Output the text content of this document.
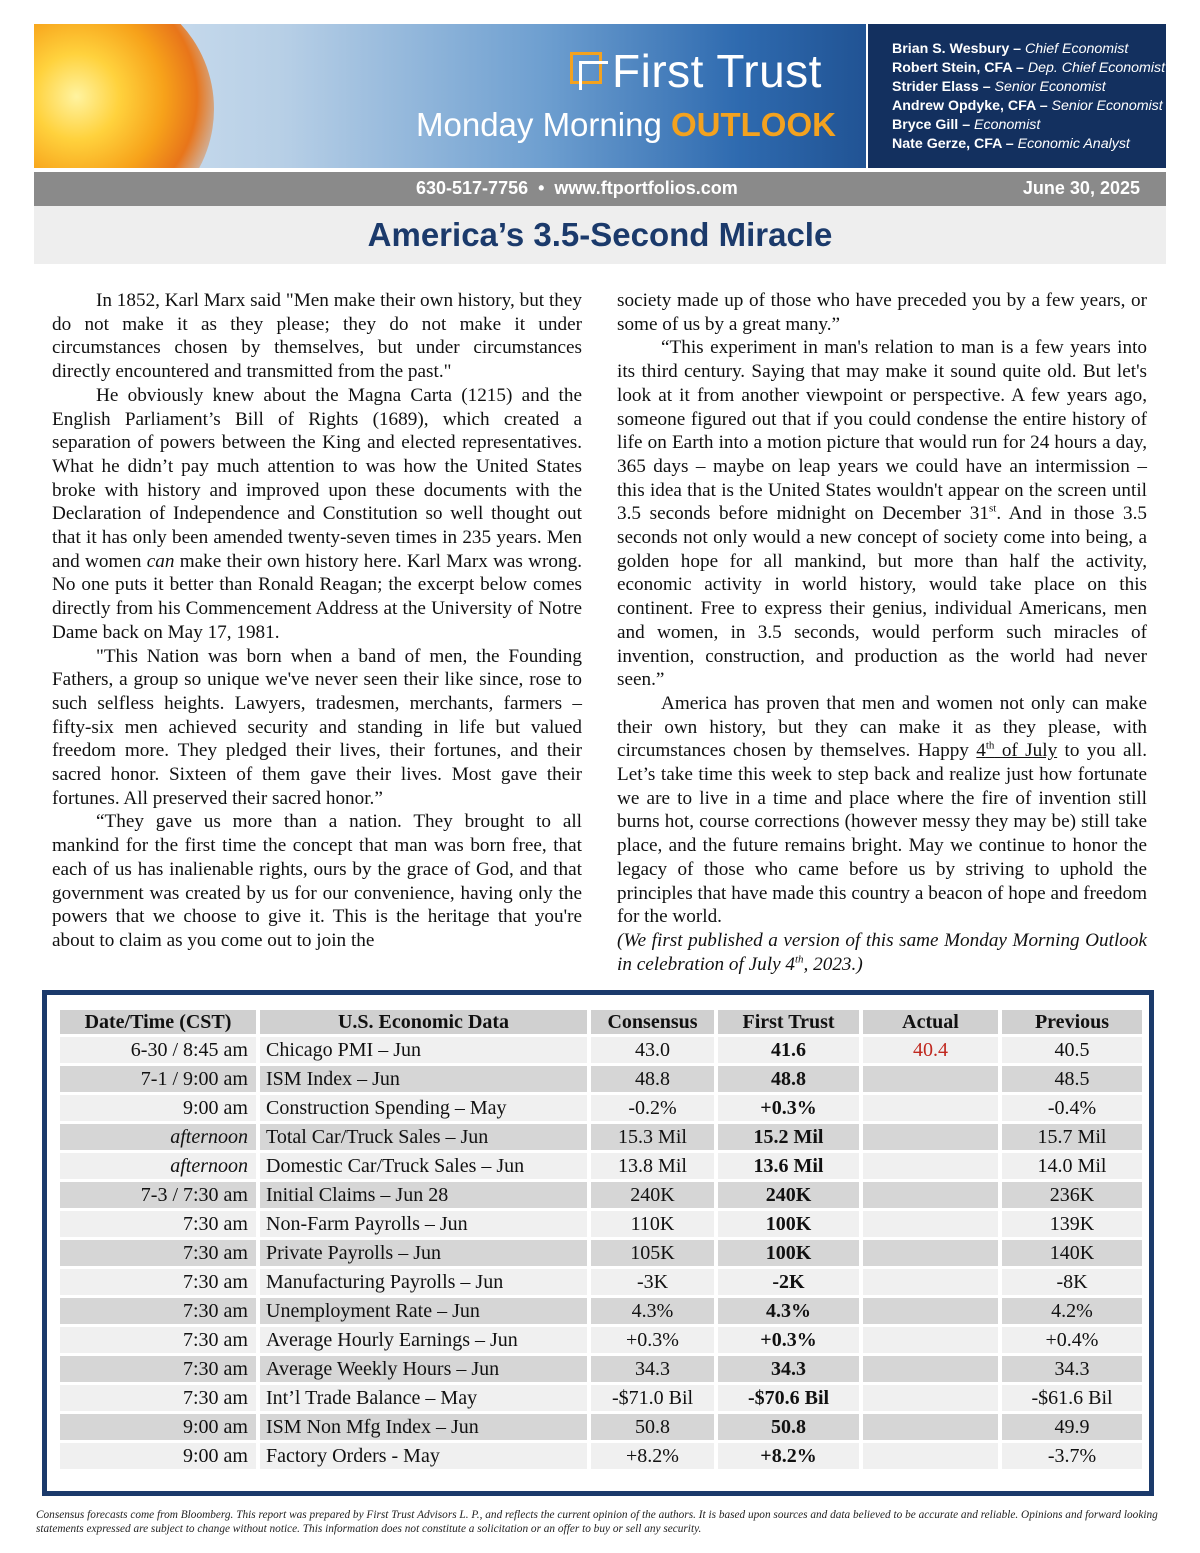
First Trust
Monday Morning OUTLOOK
Brian S. Wesbury – Chief Economist
Robert Stein, CFA – Dep. Chief Economist
Strider Elass – Senior Economist
Andrew Opdyke, CFA – Senior Economist
Bryce Gill – Economist
Nate Gerze, CFA – Economic Analyst
630-517-7756  •  www.ftportfolios.com	June 30, 2025
America’s 3.5-Second Miracle

In 1852, Karl Marx said "Men make their own history, but they do not make it as they please; they do not make it under circumstances chosen by themselves, but under circumstances directly encountered and transmitted from the past."

He obviously knew about the Magna Carta (1215) and the English Parliament’s Bill of Rights (1689), which created a separation of powers between the King and elected representatives. What he didn’t pay much attention to was how the United States broke with history and improved upon these documents with the Declaration of Independence and Constitution so well thought out that it has only been amended twenty-seven times in 235 years. Men and women can make their own history here. Karl Marx was wrong. No one puts it better than Ronald Reagan; the excerpt below comes directly from his Commencement Address at the University of Notre Dame back on May 17, 1981.

"This Nation was born when a band of men, the Founding Fathers, a group so unique we've never seen their like since, rose to such selfless heights. Lawyers, tradesmen, merchants, farmers – fifty-six men achieved security and standing in life but valued freedom more. They pledged their lives, their fortunes, and their sacred honor. Sixteen of them gave their lives. Most gave their fortunes. All preserved their sacred honor.”

“They gave us more than a nation. They brought to all mankind for the first time the concept that man was born free, that each of us has inalienable rights, ours by the grace of God, and that government was created by us for our convenience, having only the powers that we choose to give it. This is the heritage that you're about to claim as you come out to join the

society made up of those who have preceded you by a few years, or some of us by a great many.”

“This experiment in man's relation to man is a few years into its third century. Saying that may make it sound quite old. But let's look at it from another viewpoint or perspective. A few years ago, someone figured out that if you could condense the entire history of life on Earth into a motion picture that would run for 24 hours a day, 365 days – maybe on leap years we could have an intermission – this idea that is the United States wouldn't appear on the screen until 3.5 seconds before midnight on December 31st. And in those 3.5 seconds not only would a new concept of society come into being, a golden hope for all mankind, but more than half the activity, economic activity in world history, would take place on this continent. Free to express their genius, individual Americans, men and women, in 3.5 seconds, would perform such miracles of invention, construction, and production as the world had never seen.”

America has proven that men and women not only can make their own history, but they can make it as they please, with circumstances chosen by themselves. Happy 4th of July to you all. Let’s take time this week to step back and realize just how fortunate we are to live in a time and place where the fire of invention still burns hot, course corrections (however messy they may be) still take place, and the future remains bright. May we continue to honor the legacy of those who came before us by striving to uphold the principles that have made this country a beacon of hope and freedom for the world.

(We first published a version of this same Monday Morning Outlook in celebration of July 4th, 2023.)

Date/Time (CST)	U.S. Economic Data	Consensus	First Trust	Actual	Previous
6-30 / 8:45 am	Chicago PMI – Jun	43.0	41.6	40.4	40.5
7-1 / 9:00 am	ISM Index – Jun	48.8	48.8		48.5
9:00 am	Construction Spending – May	-0.2%	+0.3%		-0.4%
afternoon	Total Car/Truck Sales – Jun	15.3 Mil	15.2 Mil		15.7 Mil
afternoon	Domestic Car/Truck Sales – Jun	13.8 Mil	13.6 Mil		14.0 Mil
7-3 / 7:30 am	Initial Claims – Jun 28	240K	240K		236K
7:30 am	Non-Farm Payrolls – Jun	110K	100K		139K
7:30 am	Private Payrolls – Jun	105K	100K		140K
7:30 am	Manufacturing Payrolls – Jun	-3K	-2K		-8K
7:30 am	Unemployment Rate – Jun	4.3%	4.3%		4.2%
7:30 am	Average Hourly Earnings – Jun	+0.3%	+0.3%		+0.4%
7:30 am	Average Weekly Hours – Jun	34.3	34.3		34.3
7:30 am	Int’l Trade Balance – May	-$71.0 Bil	-$70.6 Bil		-$61.6 Bil
9:00 am	ISM Non Mfg Index – Jun	50.8	50.8		49.9
9:00 am	Factory Orders - May	+8.2%	+8.2%		-3.7%
Consensus forecasts come from Bloomberg. This report was prepared by First Trust Advisors L. P., and reflects the current opinion of the authors. It is based upon sources and data believed to be accurate and reliable. Opinions and forward looking statements expressed are subject to change without notice. This information does not constitute a solicitation or an offer to buy or sell any security.
